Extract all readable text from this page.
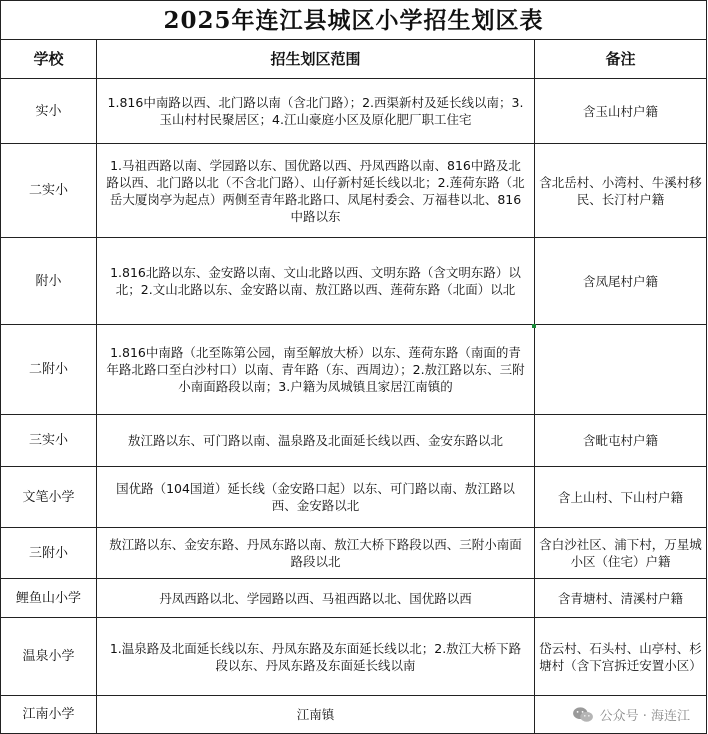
2025年连江县城区小学招生划区表		
学校	招生划区范围	备注
实小	1.816中南路以西、北门路以南（含北门路）；2.西渠新村及延长线以南；3.玉山村村民聚居区；4.江山豪庭小区及原化肥厂职工住宅	含玉山村户籍
二实小	1.马祖西路以南、学园路以东、国优路以西、丹凤西路以南、816中路及北路以西、北门路以北（不含北门路）、山仔新村延长线以北；2.莲荷东路（北岳大厦岗亭为起点）两侧至青年路北路口、凤尾村委会、万福巷以北、816中路以东	含北岳村、小湾村、牛溪村移民、长汀村户籍
附小	1.816北路以东、金安路以南、文山北路以西、文明东路（含文明东路）以北；2.文山北路以东、金安路以南、敖江路以西、莲荷东路（北面）以北	含凤尾村户籍
二附小	1.816中南路（北至陈第公园，南至解放大桥）以东、莲荷东路（南面的青年路北路口至白沙村口）以南、青年路（东、西周边）；2.敖江路以东、三附小南面路段以南；3.户籍为凤城镇且家居江南镇的	
三实小	敖江路以东、可门路以南、温泉路及北面延长线以西、金安东路以北	含毗屯村户籍
文笔小学	国优路（104国道）延长线（金安路口起）以东、可门路以南、敖江路以西、金安路以北	含上山村、下山村户籍
三附小	敖江路以东、金安东路、丹凤东路以南、敖江大桥下路段以西、三附小南面路段以北	含白沙社区、浦下村，万星城小区（住宅）户籍
鲤鱼山小学	丹凤西路以北、学园路以西、马祖西路以北、国优路以西	含青塘村、清溪村户籍
温泉小学	1.温泉路及北面延长线以东、丹凤东路及东面延长线以北；2.敖江大桥下路段以东、丹凤东路及东面延长线以南	岱云村、石头村、山亭村、杉塘村（含下宫拆迁安置小区）
江南小学	江南镇		公众号 · 海连江
